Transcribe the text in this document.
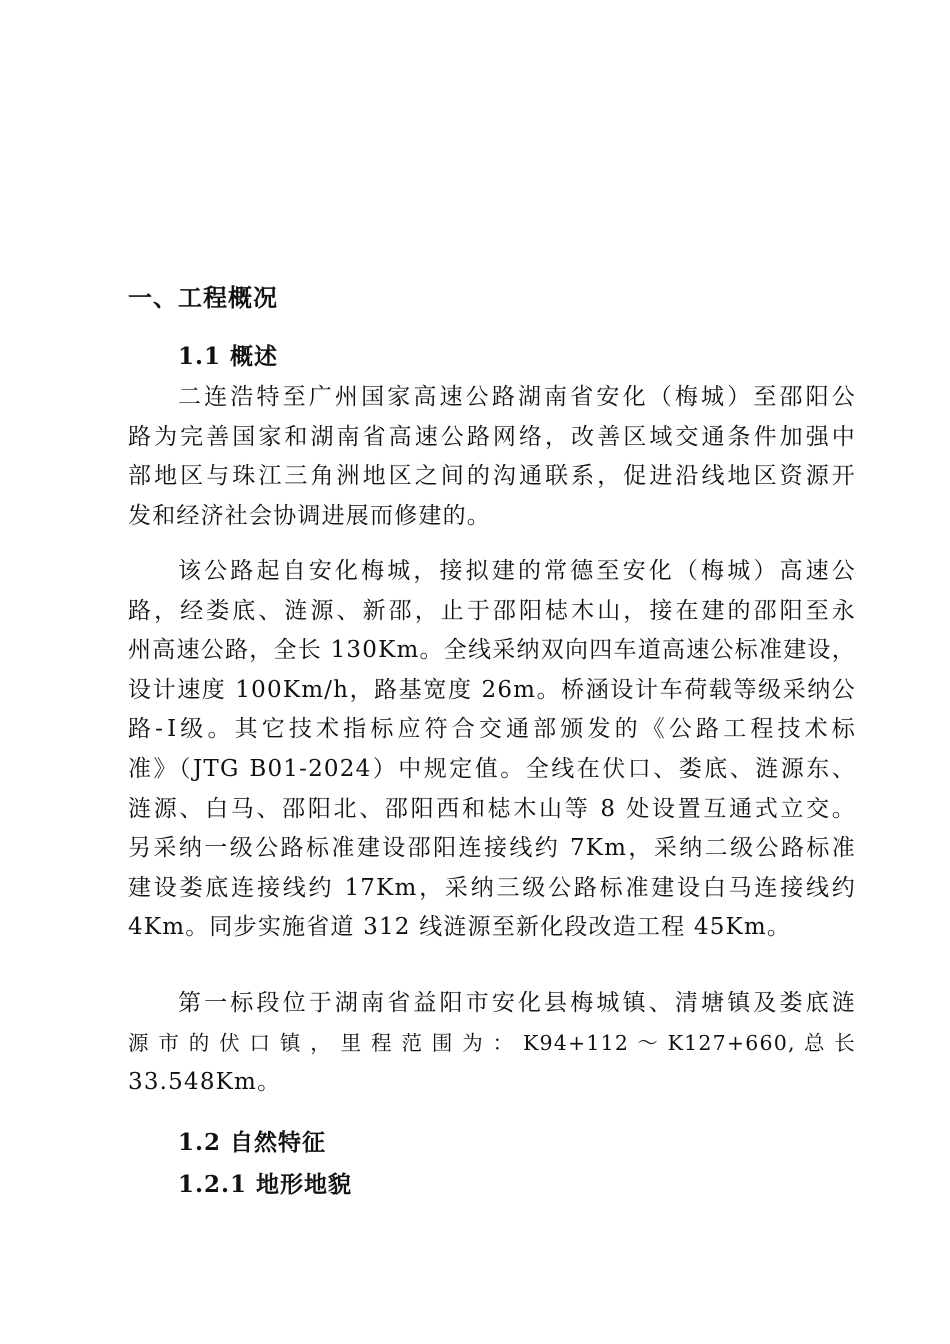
一、工程概况
1.1 概述
二连浩特至广州国家高速公路湖南省安化（梅城）至邵阳公
路为完善国家和湖南省高速公路网络，改善区域交通条件加强中
部地区与珠江三角洲地区之间的沟通联系，促进沿线地区资源开
发和经济社会协调进展而修建的。
该公路起自安化梅城，接拟建的常德至安化（梅城）高速公
路，经娄底、涟源、新邵，止于邵阳梽木山，接在建的邵阳至永
州高速公路，全长 130Km。全线采纳双向四车道高速公标准建设，
设计速度 100Km/h，路基宽度 26m。桥涵设计车荷载等级采纳公
路-Ⅰ级。其它技术指标应符合交通部颁发的《公路工程技术标
准》（JTG B01-2024）中规定值。全线在伏口、娄底、涟源东、
涟源、白马、邵阳北、邵阳西和梽木山等 8 处设置互通式立交。
另采纳一级公路标准建设邵阳连接线约 7Km，采纳二级公路标准
建设娄底连接线约 17Km，采纳三级公路标准建设白马连接线约
4Km。同步实施省道 312 线涟源至新化段改造工程 45Km。
第一标段位于湖南省益阳市安化县梅城镇、清塘镇及娄底涟
源 市 的 伏 口 镇 ， 里 程 范 围 为 ： K94+112 ～ K127+660, 总 长
33.548Km。
1.2 自然特征
1.2.1 地形地貌
